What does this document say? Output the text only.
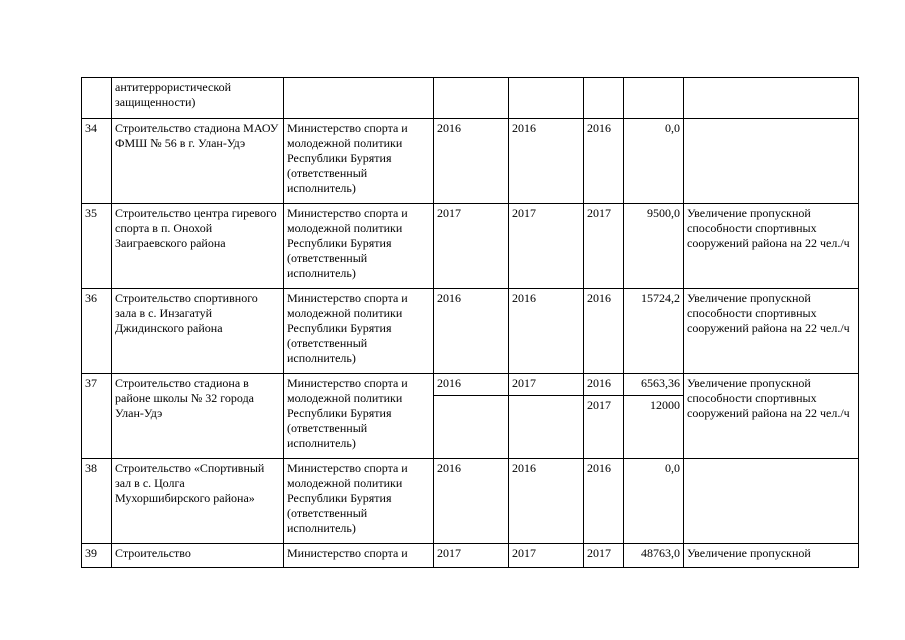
	антитеррористической защищенности)						
34	Строительство стадиона МАОУ ФМШ № 56 в г. Улан-Удэ	Министерство спорта и молодежной политики Республики Бурятия (ответственный исполнитель)	2016	2016	2016	0,0	
35	Строительство центра гиревого спорта в п. Онохой Заиграевского района	Министерство спорта и молодежной политики Республики Бурятия (ответственный исполнитель)	2017	2017	2017	9500,0	Увеличение пропускной способности спортивных сооружений района на 22 чел./ч
36	Строительство спортивного зала в с. Инзагатуй Джидинского района	Министерство спорта и молодежной политики Республики Бурятия (ответственный исполнитель)	2016	2016	2016	15724,2	Увеличение пропускной способности спортивных сооружений района на 22 чел./ч
37	Строительство стадиона в районе школы № 32 города Улан-Удэ	Министерство спорта и молодежной политики Республики Бурятия (ответственный исполнитель)	2016	2017	2016	6563,36	Увеличение пропускной способности спортивных сооружений района на 22 чел./ч
					2017	12000	
38	Строительство «Спортивный зал в с. Цолга Мухоршибирского района»	Министерство спорта и молодежной политики Республики Бурятия (ответственный исполнитель)	2016	2016	2016	0,0	
39	Строительство	Министерство спорта и	2017	2017	2017	48763,0	Увеличение пропускной
